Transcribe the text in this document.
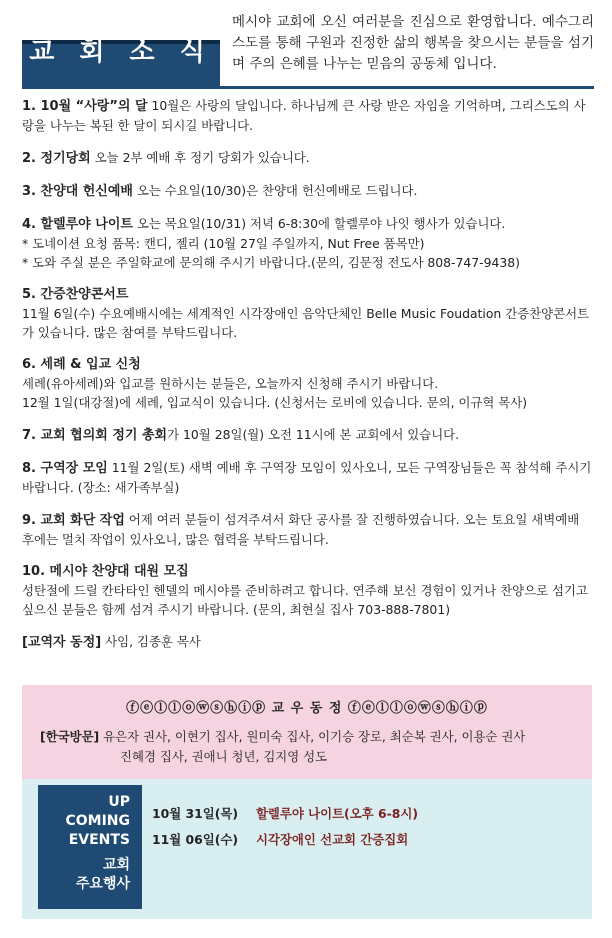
교 회 소 식
메시야 교회에 오신 여러분을 진심으로 환영합니다. 예수그리스도를 통해 구원과 진정한 삶의 행복을 찾으시는 분들을 섬기며 주의 은혜를 나누는 믿음의 공동체 입니다.

1. 10월 “사랑”의 달 10월은 사랑의 달입니다. 하나님께 큰 사랑 받은 자임을 기억하며, 그리스도의 사랑을 나누는 복된 한 달이 되시길 바랍니다.

2. 정기당회 오늘 2부 예배 후 정기 당회가 있습니다.

3. 찬양대 헌신예배 오는 수요일(10/30)은 찬양대 헌신예배로 드립니다.

4. 할렐루야 나이트 오는 목요일(10/31) 저녁 6-8:30에 할렐루야 나잇 행사가 있습니다.

* 도네이션 요청 품목: 캔디, 젤리 (10월 27일 주일까지, Nut Free 품목만)

* 도와 주실 분은 주일학교에 문의해 주시기 바랍니다.(문의, 김문정 전도사 808-747-9438)

5. 간증찬양콘서트

11월 6일(수) 수요예배시에는 세계적인 시각장애인 음악단체인 Belle Music Foudation 간증찬양콘서트가 있습니다. 많은 참여를 부탁드립니다.

6. 세례 & 입교 신청

세례(유아세례)와 입교를 원하시는 분들은, 오늘까지 신청해 주시기 바랍니다.

12월 1일(대강절)에 세례, 입교식이 있습니다. (신청서는 로비에 있습니다. 문의, 이규혁 목사)

7. 교회 협의회 정기 총회가 10월 28일(월) 오전 11시에 본 교회에서 있습니다.

8. 구역장 모임 11월 2일(토) 새벽 예배 후 구역장 모임이 있사오니, 모든 구역장님들은 꼭 참석해 주시기 바랍니다. (장소: 새가족부실)

9. 교회 화단 작업 어제 여러 분들이 섬겨주셔서 화단 공사를 잘 진행하였습니다. 오는 토요일 새벽예배 후에는 멀치 작업이 있사오니, 많은 협력을 부탁드립니다.

10. 메시야 찬양대 대원 모집

성탄절에 드릴 칸타타인 헨델의 메시야를 준비하려고 합니다. 연주해 보신 경험이 있거나 찬양으로 섬기고 싶으신 분들은 함께 섬겨 주시기 바랍니다. (문의, 최현실 집사 703-888-7801)

[교역자 동정] 사임, 김종훈 목사

ⓕⓔⓛⓛⓞⓦⓢⓗⓘⓟ 교 우 동 정 ⓕⓔⓛⓛⓞⓦⓢⓗⓘⓟ
[한국방문] 유은자 권사, 이현기 집사, 원미숙 집사, 이기승 장로, 최순복 권사, 이용순 권사
진혜경 집사, 권애니 청년, 김지영 성도
UP
COMING
EVENTS
교회
주요행사
10월 31일(목) 할렐루야 나이트(오후 6-8시)
11월 06일(수) 시각장애인 선교회 간증집회
